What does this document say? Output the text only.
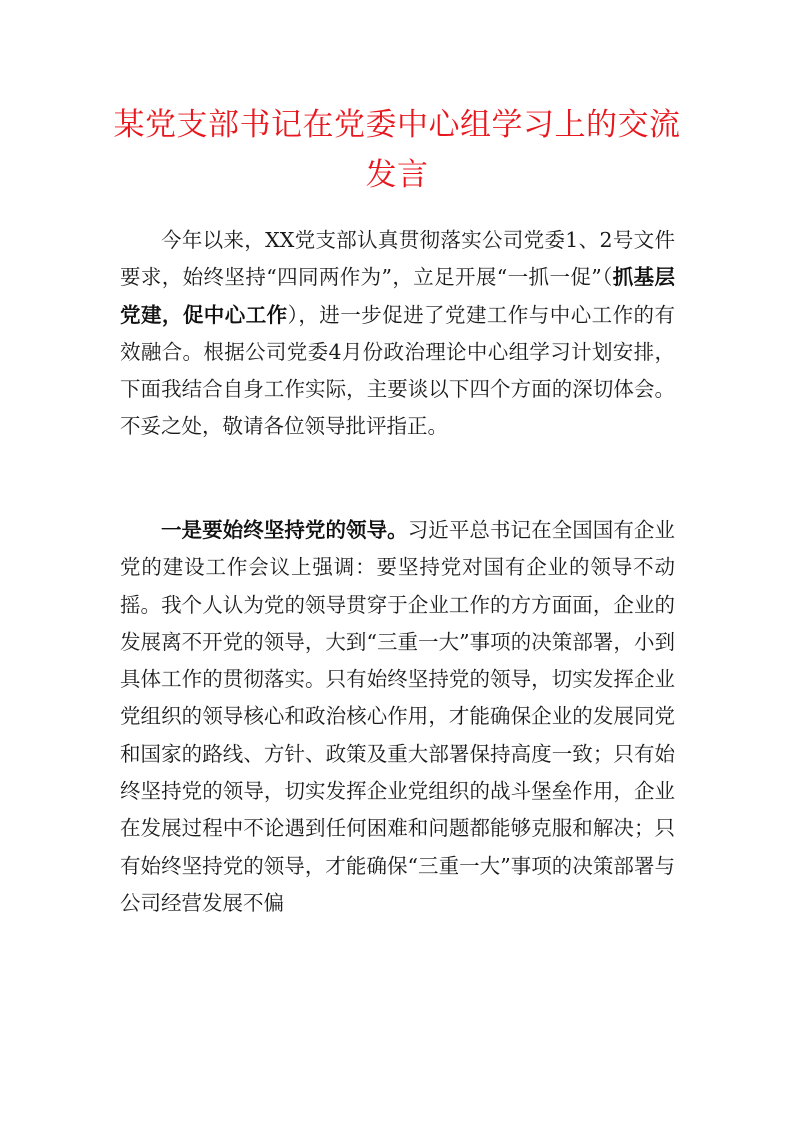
某党支部书记在党委中心组学习上的交流发言

今年以来，XX党支部认真贯彻落实公司党委1、2号文件要求，始终坚持“四同两作为”，立足开展“一抓一促”（抓基层党建，促中心工作），进一步促进了党建工作与中心工作的有效融合。根据公司党委4月份政治理论中心组学习计划安排，下面我结合自身工作实际，主要谈以下四个方面的深切体会。不妥之处，敬请各位领导批评指正。

一是要始终坚持党的领导。习近平总书记在全国国有企业党的建设工作会议上强调：要坚持党对国有企业的领导不动摇。我个人认为党的领导贯穿于企业工作的方方面面，企业的发展离不开党的领导，大到“三重一大”事项的决策部署，小到具体工作的贯彻落实。只有始终坚持党的领导，切实发挥企业党组织的领导核心和政治核心作用，才能确保企业的发展同党和国家的路线、方针、政策及重大部署保持高度一致；只有始终坚持党的领导，切实发挥企业党组织的战斗堡垒作用，企业在发展过程中不论遇到任何困难和问题都能够克服和解决；只有始终坚持党的领导，才能确保“三重一大”事项的决策部署与公司经营发展不偏
